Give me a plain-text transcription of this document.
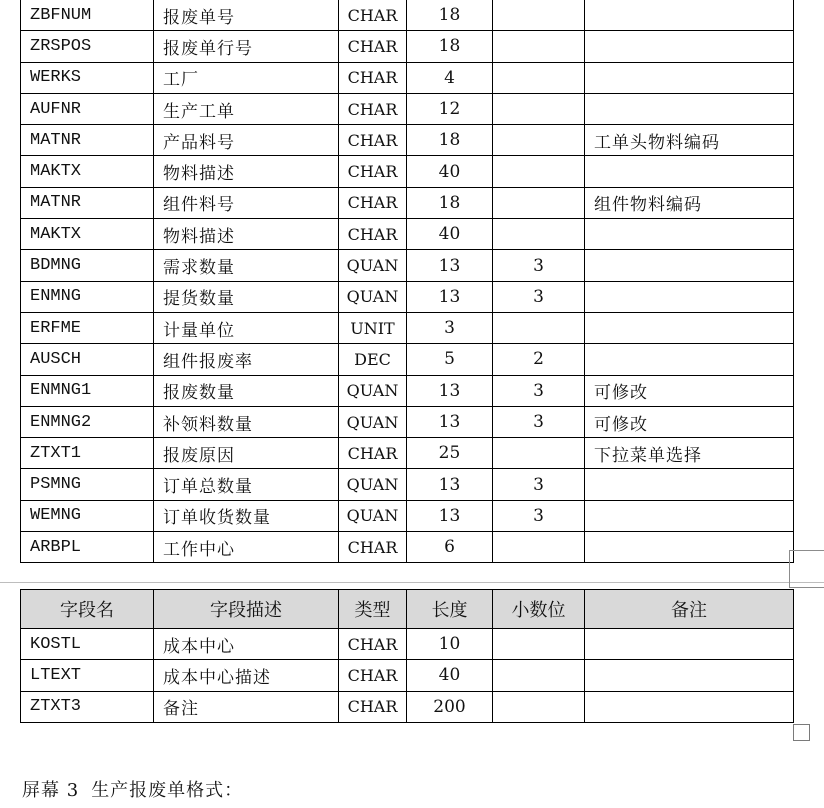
ZBFNUM	报废单号	CHAR	18		
ZRSPOS	报废单行号	CHAR	18		
WERKS	工厂	CHAR	4		
AUFNR	生产工单	CHAR	12		
MATNR	产品料号	CHAR	18		工单头物料编码
MAKTX	物料描述	CHAR	40		
MATNR	组件料号	CHAR	18		组件物料编码
MAKTX	物料描述	CHAR	40		
BDMNG	需求数量	QUAN	13	3	
ENMNG	提货数量	QUAN	13	3	
ERFME	计量单位	UNIT	3		
AUSCH	组件报废率	DEC	5	2	
ENMNG1	报废数量	QUAN	13	3	可修改
ENMNG2	补领料数量	QUAN	13	3	可修改
ZTXT1	报废原因	CHAR	25		下拉菜单选择
PSMNG	订单总数量	QUAN	13	3	
WEMNG	订单收货数量	QUAN	13	3	
ARBPL	工作中心	CHAR	6		
字段名	字段描述	类型	长度	小数位	备注
KOSTL	成本中心	CHAR	10		
LTEXT	成本中心描述	CHAR	40		
ZTXT3	备注	CHAR	200		
屏幕 3 生产报废单格式：
